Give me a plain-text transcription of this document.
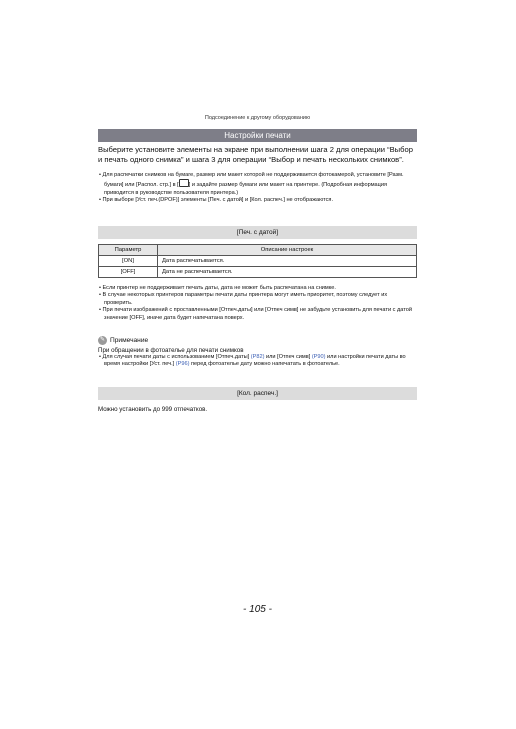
Подсоединение к другому оборудованию
Настройки печати
Выберите установите элементы на экране при выполнении шага 2 для операции “Выбор и печать одного снимка” и шага 3 для операции “Выбор и печать нескольких снимков”.
• Для распечатки снимков на бумаге, размер или макет которой не поддерживается фотокамерой, установите [Разм. бумаги] или [Распол. стр.] в [ ] и задайте размер бумаги или макет на принтере. (Подробная информация приводится в руководстве пользователя принтера.)
• При выборе [Уст. печ.(DPOF)] элементы [Печ. с датой] и [Кол. распеч.] не отображаются.
[Печ. с датой]
Параметр	Описание настроек
[ON]	Дата распечатывается.
[OFF]	Дата не распечатывается.
• Если принтер не поддерживает печать даты, дата не может быть распечатана на снимке.
• В случае некоторых принтеров параметры печати даты принтера могут иметь приоритет, поэтому следует их проверить.
• При печати изображений с проставленными [Отпеч.даты] или [Отпеч симв] не забудьте установить для печати с датой значение [OFF], иначе дата будет напечатана поверх.
✎ Примечание
При обращении в фотоателье для печати снимков
• Для случая печати даты с использованием [Отпеч.даты] (P82) или [Отпеч симв] (P90) или настройки печати даты во время настройки [Уст. печ.] (P96) перед фотоателье дату можно напечатать в фотоателье.
[Кол. распеч.]
Можно установить до 999 отпечатков.
- 105 -
